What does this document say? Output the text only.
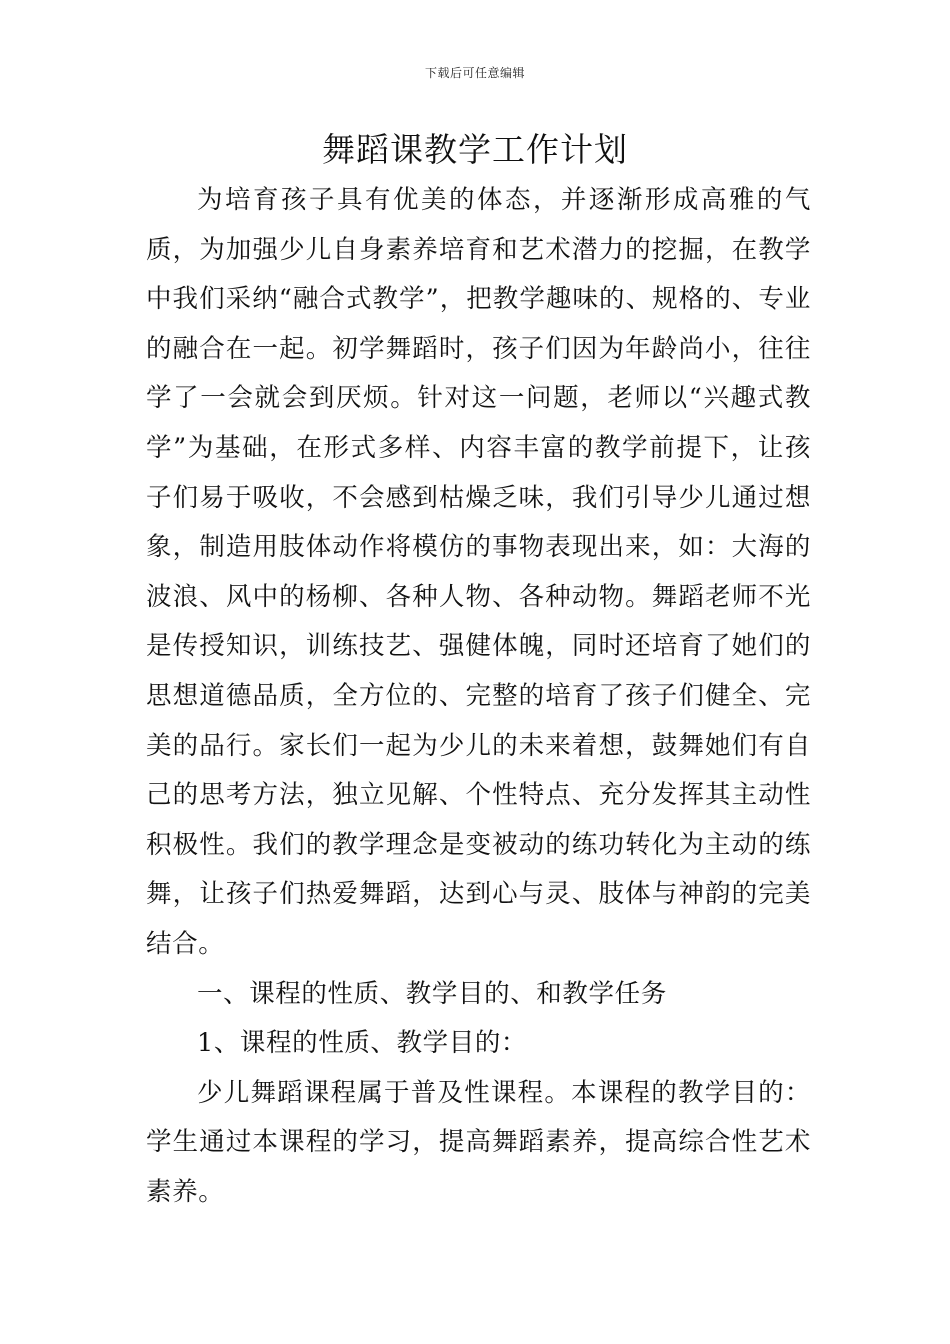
下载后可任意编辑
舞蹈课教学工作计划

为培育孩子具有优美的体态，并逐渐形成高雅的气质，为加强少儿自身素养培育和艺术潜力的挖掘，在教学中我们采纳“融合式教学”，把教学趣味的、规格的、专业的融合在一起。初学舞蹈时，孩子们因为年龄尚小，往往学了一会就会到厌烦。针对这一问题，老师以“兴趣式教学”为基础，在形式多样、内容丰富的教学前提下，让孩子们易于吸收，不会感到枯燥乏味，我们引导少儿通过想象，制造用肢体动作将模仿的事物表现出来，如：大海的波浪、风中的杨柳、各种人物、各种动物。舞蹈老师不光是传授知识，训练技艺、强健体魄，同时还培育了她们的思想道德品质，全方位的、完整的培育了孩子们健全、完美的品行。家长们一起为少儿的未来着想，鼓舞她们有自己的思考方法，独立见解、个性特点、充分发挥其主动性积极性。我们的教学理念是变被动的练功转化为主动的练舞，让孩子们热爱舞蹈，达到心与灵、肢体与神韵的完美结合。

一、课程的性质、教学目的、和教学任务

1、课程的性质、教学目的：

少儿舞蹈课程属于普及性课程。本课程的教学目的：学生通过本课程的学习，提高舞蹈素养，提高综合性艺术素养。
